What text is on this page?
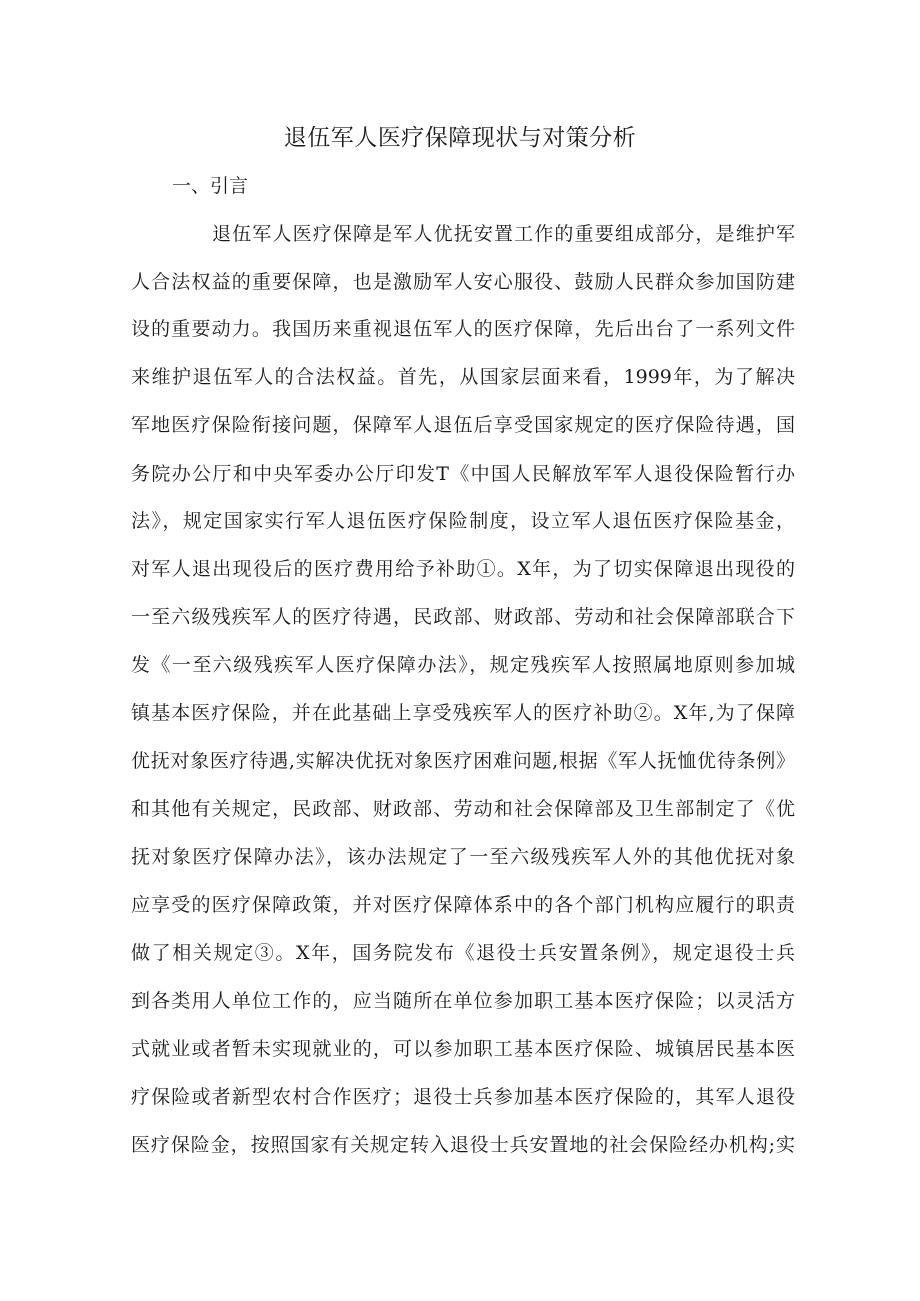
退伍军人医疗保障现状与对策分析
一、引言
退伍军人医疗保障是军人优抚安置工作的重要组成部分，是维护军
人合法权益的重要保障，也是激励军人安心服役、鼓励人民群众参加国防建
设的重要动力。我国历来重视退伍军人的医疗保障，先后出台了一系列文件
来维护退伍军人的合法权益。首先，从国家层面来看，1999年，为了解决
军地医疗保险衔接问题，保障军人退伍后享受国家规定的医疗保险待遇，国
务院办公厅和中央军委办公厅印发T《中国人民解放军军人退役保险暂行办
法》，规定国家实行军人退伍医疗保险制度，设立军人退伍医疗保险基金，
对军人退出现役后的医疗费用给予补助①。X年，为了切实保障退出现役的
一至六级残疾军人的医疗待遇，民政部、财政部、劳动和社会保障部联合下
发《一至六级残疾军人医疗保障办法》，规定残疾军人按照属地原则参加城
镇基本医疗保险，并在此基础上享受残疾军人的医疗补助②。X年,为了保障
优抚对象医疗待遇,实解决优抚对象医疗困难问题,根据《军人抚恤优待条例》
和其他有关规定，民政部、财政部、劳动和社会保障部及卫生部制定了《优
抚对象医疗保障办法》，该办法规定了一至六级残疾军人外的其他优抚对象
应享受的医疗保障政策，并对医疗保障体系中的各个部门机构应履行的职责
做了相关规定③。X年，国务院发布《退役士兵安置条例》，规定退役士兵
到各类用人单位工作的，应当随所在单位参加职工基本医疗保险；以灵活方
式就业或者暂未实现就业的，可以参加职工基本医疗保险、城镇居民基本医
疗保险或者新型农村合作医疗；退役士兵参加基本医疗保险的，其军人退役
医疗保险金，按照国家有关规定转入退役士兵安置地的社会保险经办机构;实
